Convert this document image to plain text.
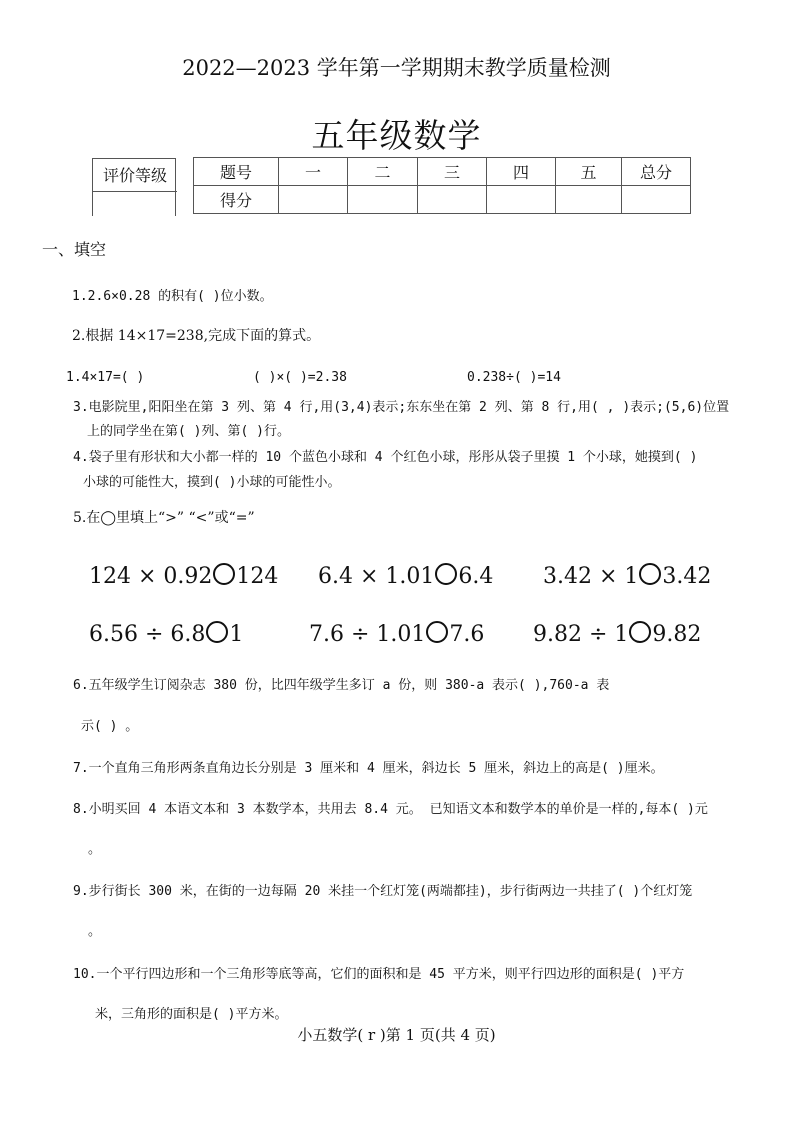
2022—2023 学年第一学期期末教学质量检测
五年级数学
评价等级	题号	一	二	三	四	五	总分
得分						
一、填空
1.2.6×0.28 的积有( )位小数。
2.根据 14×17=238,完成下面的算式。
1.4×17=( )	( )×( )=2.38	0.238÷( )=14
3.电影院里,阳阳坐在第 3 列、第 4 行,用(3,4)表示;东东坐在第 2 列、第 8 行,用( , )表示;(5,6)位置
上的同学坐在第( )列、第( )行。
4.袋子里有形状和大小都一样的 10 个蓝色小球和 4 个红色小球，彤彤从袋子里摸 1 个小球，她摸到( )
小球的可能性大，摸到( )小球的可能性小。
5.在◯里填上“>” “<”或“=”
124 × 0.92 124 6.4 × 1.01 6.4 3.42 × 1 3.42
6.56 ÷ 6.8 1	7.6 ÷ 1.01 7.6 9.82 ÷ 1 9.82
6.五年级学生订阅杂志 380 份，比四年级学生多订 a 份，则 380-a 表示( ),760-a 表
示( ) 。
7.一个直角三角形两条直角边长分别是 3 厘米和 4 厘米，斜边长 5 厘米，斜边上的高是( )厘米。
8.小明买回 4 本语文本和 3 本数学本，共用去 8.4 元。 已知语文本和数学本的单价是一样的,每本( )元
。
9.步行街长 300 米，在街的一边每隔 20 米挂一个红灯笼(两端都挂)，步行街两边一共挂了( )个红灯笼
。
10.一个平行四边形和一个三角形等底等高，它们的面积和是 45 平方米，则平行四边形的面积是( )平方
米，三角形的面积是( )平方米。
小五数学( r )第 1 页(共 4 页)
